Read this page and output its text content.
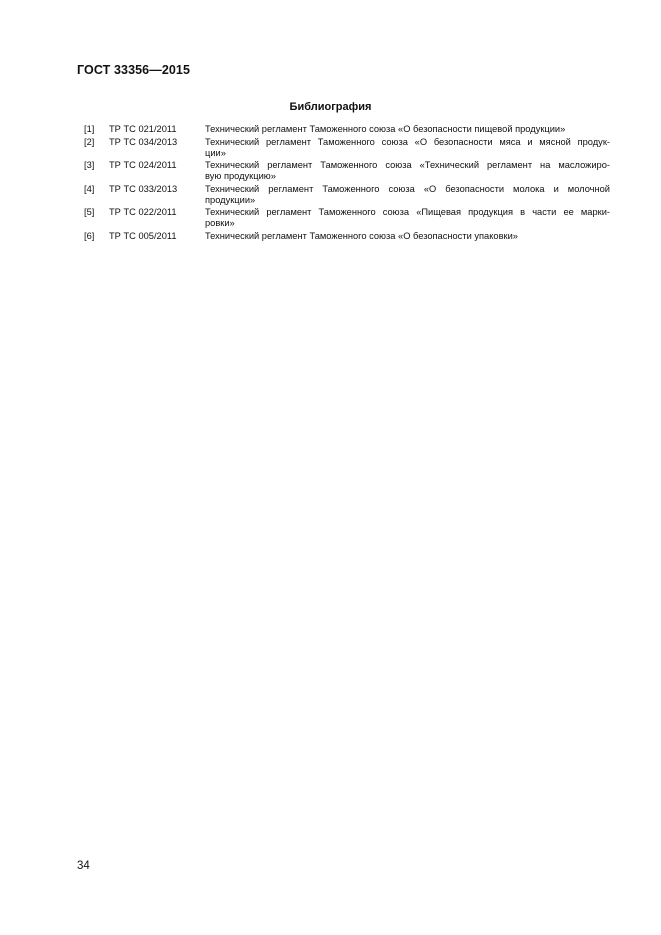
ГОСТ 33356—2015
Библиография
[1]	ТР ТС 021/2011	Технический регламент Таможенного союза «О безопасности пищевой продукции»
[2]	ТР ТС 034/2013	Технический регламент Таможенного союза «О безопасности мяса и мясной продук-
ции»
[3]	ТР ТС 024/2011	Технический регламент Таможенного союза «Технический регламент на масложиро-
вую продукцию»
[4]	ТР ТС 033/2013	Технический регламент Таможенного союза «О безопасности молока и молочной
продукции»
[5]	ТР ТС 022/2011	Технический регламент Таможенного союза «Пищевая продукция в части ее марки-
ровки»
[6]	ТР ТС 005/2011	Технический регламент Таможенного союза «О безопасности упаковки»
34
